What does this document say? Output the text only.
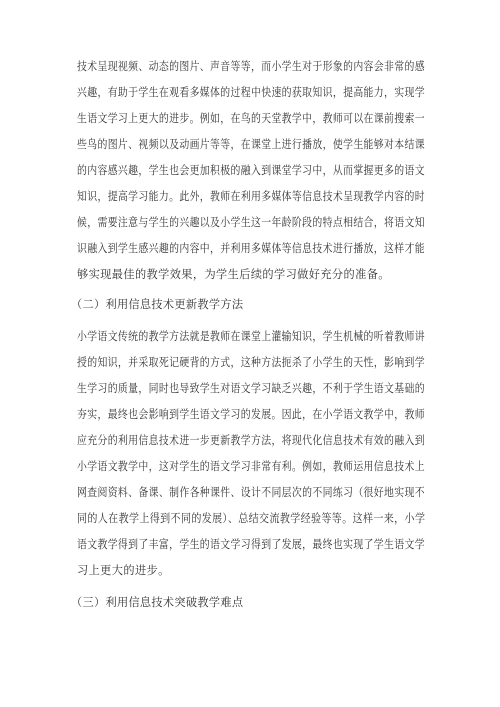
技术呈现视频、动态的图片、声音等等，而小学生对于形象的内容会非常的感
兴趣，有助于学生在观看多媒体的过程中快速的获取知识，提高能力，实现学
生语文学习上更大的进步。例如，在鸟的天堂教学中，教师可以在课前搜索一
些鸟的图片、视频以及动画片等等，在课堂上进行播放，使学生能够对本结课
的内容感兴趣，学生也会更加积极的融入到课堂学习中，从而掌握更多的语文
知识，提高学习能力。此外，教师在利用多媒体等信息技术呈现教学内容的时
候，需要注意与学生的兴趣以及小学生这一年龄阶段的特点相结合，将语文知
识融入到学生感兴趣的内容中，并利用多媒体等信息技术进行播放，这样才能
够实现最佳的教学效果，为学生后续的学习做好充分的准备。
（二）利用信息技术更新教学方法
小学语文传统的教学方法就是教师在课堂上灌输知识，学生机械的听着教师讲
授的知识，并采取死记硬背的方式，这种方法扼杀了小学生的天性，影响到学
生学习的质量，同时也导致学生对语文学习缺乏兴趣，不利于学生语文基础的
夯实，最终也会影响到学生语文学习的发展。因此，在小学语文教学中，教师
应充分的利用信息技术进一步更新教学方法，将现代化信息技术有效的融入到
小学语文教学中，这对学生的语文学习非常有利。例如，教师运用信息技术上
网查阅资料、备课、制作各种课件、设计不同层次的不同练习（很好地实现不
同的人在教学上得到不同的发展）、总结交流教学经验等等。这样一来，小学
语文教学得到了丰富，学生的语文学习得到了发展，最终也实现了学生语文学
习上更大的进步。
（三）利用信息技术突破教学难点
